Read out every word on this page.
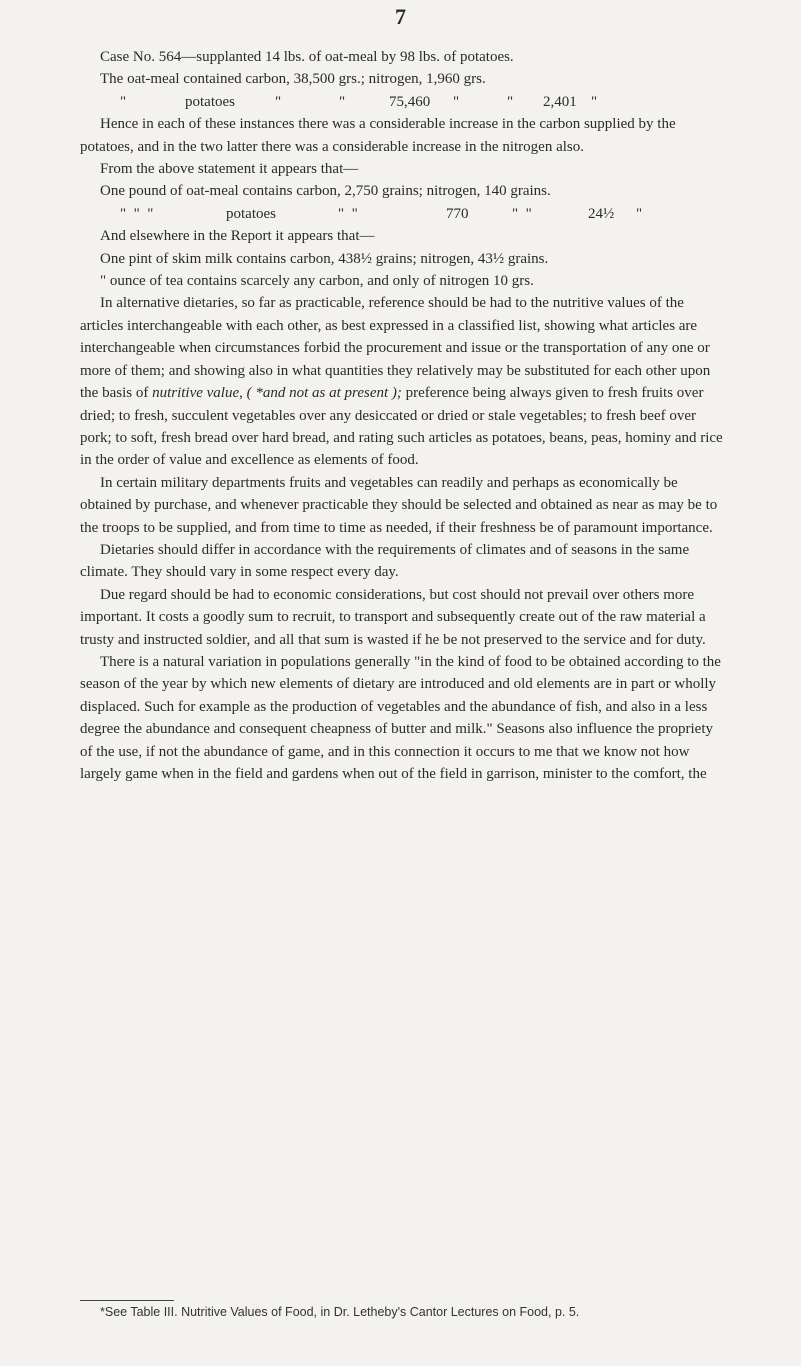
7

Case No. 564—supplanted 14 lbs. of oat-meal by 98 lbs. of potatoes.

The oat-meal contained carbon, 38,500 grs.; nitrogen, 1,960 grs.

"	potatoes	"	"	75,460 "	" 2,401 "

Hence in each of these instances there was a considerable increase in the carbon supplied by the potatoes, and in the two latter there was a considerable increase in the nitrogen also.

From the above statement it appears that—

One pound of oat-meal contains carbon, 2,750 grains; nitrogen, 140 grains.

"  "  "	potatoes	"  "	770	"  "	24½ "

And elsewhere in the Report it appears that—

One pint of skim milk contains carbon, 438½ grains; nitrogen, 43½ grains.

" ounce of tea contains scarcely any carbon, and only of nitrogen 10 grs.

In alternative dietaries, so far as practicable, reference should be had to the nutritive values of the articles interchangeable with each other, as best expressed in a classified list, showing what articles are interchangeable when circumstances forbid the procurement and issue or the transportation of any one or more of them; and showing also in what quantities they relatively may be substituted for each other upon the basis of nutritive value, ( *and not as at present ); preference being always given to fresh fruits over dried; to fresh, succulent vegetables over any desiccated or dried or stale vegetables; to fresh beef over pork; to soft, fresh bread over hard bread, and rating such articles as potatoes, beans, peas, hominy and rice in the order of value and excellence as elements of food.

In certain military departments fruits and vegetables can readily and perhaps as economically be obtained by purchase, and whenever practicable they should be selected and obtained as near as may be to the troops to be supplied, and from time to time as needed, if their freshness be of paramount importance.

Dietaries should differ in accordance with the requirements of climates and of seasons in the same climate. They should vary in some respect every day.

Due regard should be had to economic considerations, but cost should not prevail over others more important. It costs a goodly sum to recruit, to transport and subsequently create out of the raw material a trusty and instructed soldier, and all that sum is wasted if he be not preserved to the service and for duty.

There is a natural variation in populations generally "in the kind of food to be obtained according to the season of the year by which new elements of dietary are introduced and old elements are in part or wholly displaced. Such for example as the production of vegetables and the abundance of fish, and also in a less degree the abundance and consequent cheapness of butter and milk." Seasons also influence the propriety of the use, if not the abundance of game, and in this connection it occurs to me that we know not how largely game when in the field and gardens when out of the field in garrison, minister to the comfort, the

*See Table III. Nutritive Values of Food, in Dr. Letheby's Cantor Lectures on Food, p. 5.
